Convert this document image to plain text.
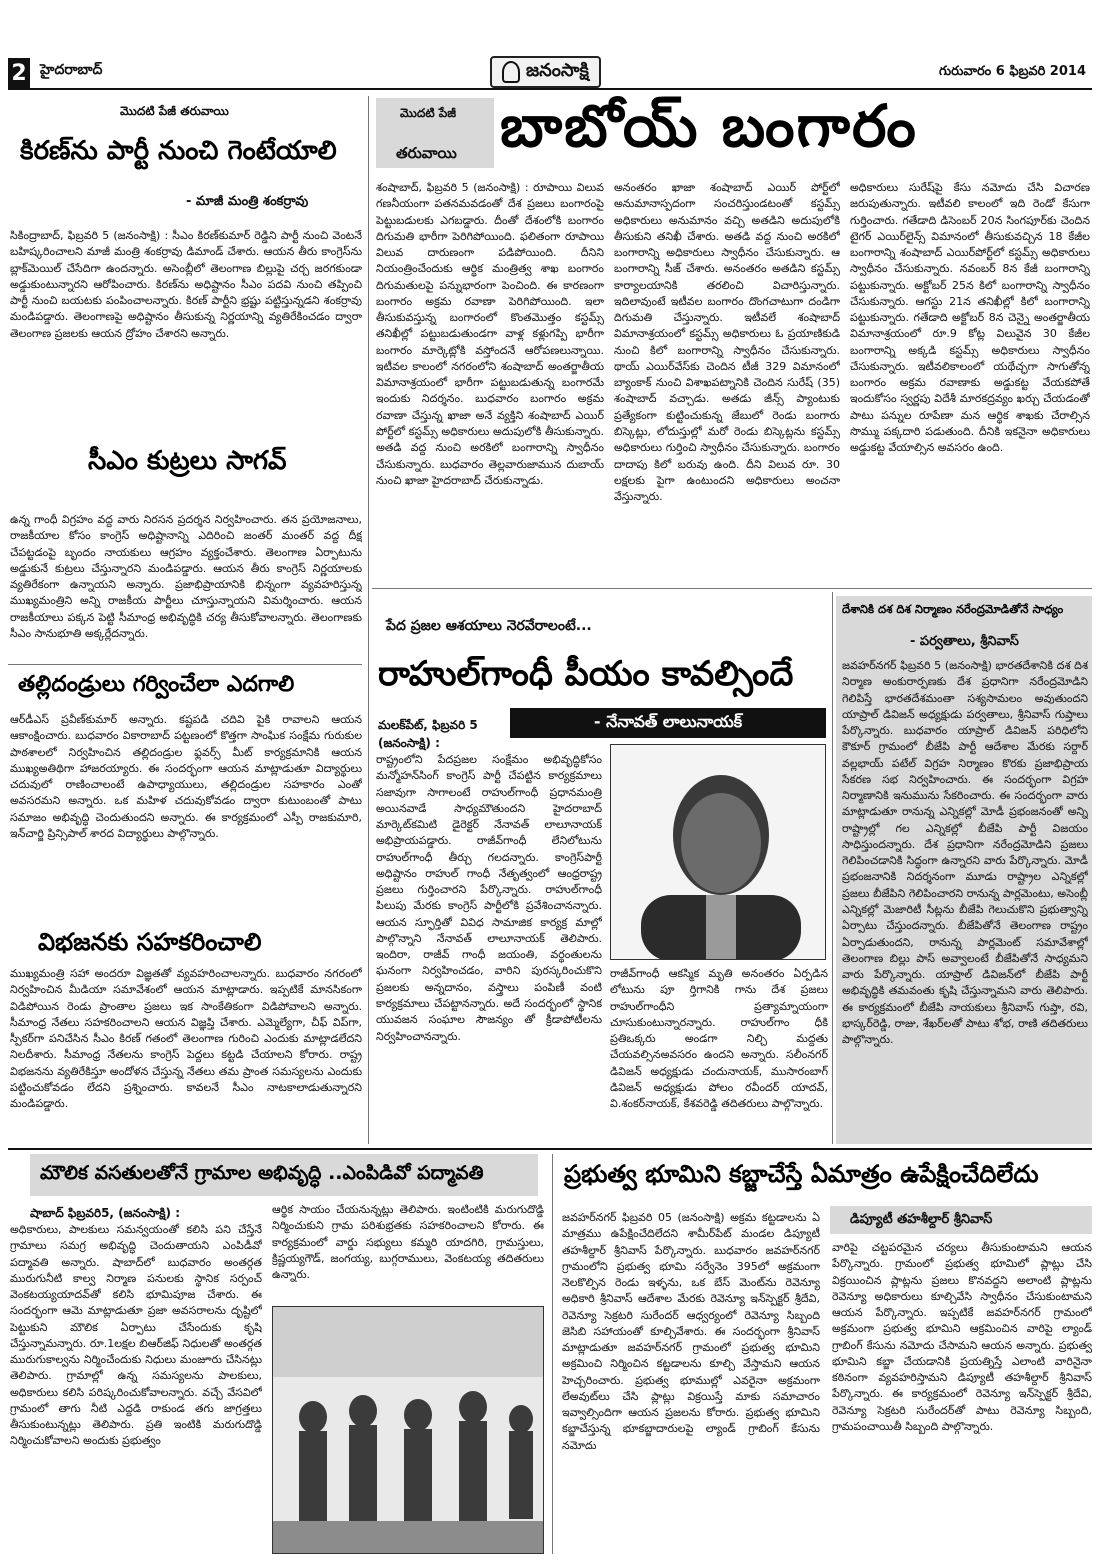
2 హైదరాబాద్	జనంసాక్షి	గురువారం 6 ఫిబ్రవరి 2014
మొదటి పేజీ తరువాయి
కిరణ్‌ను పార్టీ నుంచి గెంటేయాలి
- మాజీ మంత్రి శంకర్రావు
సికింద్రాబాద్‌, ఫిబ్రవరి 5 (జనంసాక్షి) : సీఎం కిరణ్‌కుమార్‌ రెడ్డిని పార్టీ నుంచి వెంటనే బహిష్కరించాలని మాజీ మంత్రి శంకర్రావు డిమాండ్‌ చేశారు. ఆయన తీరు కాంగ్రెస్‌ను బ్లాక్‌మెయిల్‌ చేసేదిగా ఉందన్నారు. అసెంబ్లీలో తెలంగాణ బిల్లుపై చర్చ జరగకుండా అడ్డుకుంటున్నారని ఆరోపించారు. కిరణ్‌ను అధిష్టానం సీఎం పదవి నుంచి తప్పించి పార్టీ నుంచి బయటకు పంపించాలన్నారు. కిరణ్‌ పార్టీని భ్రష్టు పట్టిస్తున్నడని శంకర్రావు మండిపడ్డారు. తెలంగాణపై అధిష్టానం తీసుకున్న నిర్ణయాన్ని వ్యతిరేకించడం ద్వారా తెలంగాణ ప్రజలకు ఆయన ద్రోహం చేశారని అన్నారు.
సీఎం కుట్రలు సాగవ్‌
ఉన్న గాంధీ విగ్రహం వద్ద వారు నిరసన ప్రదర్శన నిర్వహించారు. తన ప్రయోజనాలు, రాజకీయాల కోసం కాంగ్రెస్‌ అధిష్టానాన్ని ఎదిరించి జంతర్‌ మంతర్‌ వద్ద దీక్ష చేపట్టడంపై బృందం నాయకులు ఆగ్రహం వ్యక్తంచేశారు. తెలంగాణ ఏర్పాటును అడ్డుకునే కుట్రలు చేస్తున్నారని మండిపడ్డారు. ఆయన తీరు కాంగ్రెస్‌ నిర్ణయాలకు వ్యతిరేకంగా ఉన్నాయని అన్నారు. ప్రజాభిప్రాయానికి భిన్నంగా వ్యవహరిస్తున్న ముఖ్యమంత్రిని అన్ని రాజకీయ పార్టీలు చూస్తున్నాయని విమర్శించారు. ఆయన రాజకీయాలు పక్కన పెట్టి సీమాంధ్ర అభివృద్ధికి చర్య తీసుకోవాలన్నారు. తెలంగాణకు సీఎం సానుభూతి అక్కర్లేదన్నారు.
తల్లిదండ్రులు గర్వించేలా ఎదగాలి
ఆర్‌డీఎస్‌ ప్రవీణ్‌కుమార్‌ అన్నారు. కష్టపడి చదివి పైకి రావాలని ఆయన ఆకాంక్షించారు. బుధవారం వికారాబాద్‌ పట్టణంలో కొత్తగా సాంఘిక సంక్షేమ గురుకుల పాఠశాలలో నిర్వహించిన తల్లిదండ్రుల ఫ్లవర్స్‌ మీట్‌ కార్యక్రమానికి ఆయన ముఖ్యఅతిథిగా హాజరయ్యారు. ఈ సందర్భంగా ఆయన మాట్లాడుతూ విద్యార్థులు చదువులో రాణించాలంటే ఉపాధ్యాయులు, తల్లిదండ్రుల సహకారం ఎంతో అవసరమని అన్నారు. ఒక మహిళ చదువుకోవడం ద్వారా కుటుంబంతో పాటు సమాజం అభివృద్ధి చెందుతుందని అన్నారు. ఈ కార్యక్రమంలో ఎస్పీ రాజకుమారి, ఇన్‌చార్జి ప్రిన్సిపాల్‌ శారద విద్యార్థులు పాల్గొన్నారు.
విభజనకు సహకరించాలి
ముఖ్యమంత్రి సహా అందరూ విజ్ఞతతో వ్యవహరించాలన్నారు. బుధవారం నగరంలో నిర్వహించిన మీడియా సమావేశంలో ఆయన మాట్లాడారు. ఇప్పటికే మానసికంగా విడిపోయిన రెండు ప్రాంతాల ప్రజలు ఇక సాంకేతికంగా విడిపోవాలని అన్నారు. సీమాంధ్ర నేతలు సహకరించాలని ఆయన విజ్ఞప్తి చేశారు. ఎమ్మెల్యేగా, చీఫ్‌ విప్‌గా, స్పీకర్‌గా పనిచేసిన సీఎం కిరణ్‌ గతంలో తెలంగాణ గురించి ఎందుకు మాట్లాడలేదని నిలదీశారు. సీమాంధ్ర నేతలను కాంగ్రెస్‌ పెద్దలు కట్టడి చేయాలని కోరారు. రాష్ట్ర విభజనను వ్యతిరేకిస్తూ అందోళన చేస్తున్న నేతలు తమ ప్రాంత సమస్యలను ఎందుకు పట్టించుకోవడం లేదని ప్రశ్నించారు. కావలనే సీఎం నాటకాలాడుతున్నారని మండిపడ్డారు.
మొదటి పేజీ
తరువాయి బాబోయ్‌ బంగారం
శంషాబాద్‌, ఫిబ్రవరి 5 (జనంసాక్షి) : రూపాయి విలువ గణనీయంగా పతనమవడంతో దేశ ప్రజలు బంగారంపై పెట్టుబడులకు ఎగబడ్డారు. దీంతో దేశంలోకి బంగారం దిగుమతి భారీగా పెరిగిపోయింది. ఫలితంగా రూపాయి విలువ దారుణంగా పడిపోయింది. దీనిని నియంత్రించేందుకు ఆర్థిక మంత్రిత్వ శాఖ బంగారం దిగుమతులపై పన్నుభారంగా పెంచింది. ఈ కారణంగా బంగారం అక్రమ రవాణా పెరిగిపోయింది. ఇలా తీసుకువస్తున్న బంగారంలో కొంతమొత్తం కస్టమ్స్‌ తనిఖీల్లో పట్టుబడుతుండగా వాళ్ల కళ్లుగప్పి భారీగా బంగారం మార్కెట్లోకి వస్తోందనే ఆరోపణలున్నాయి. ఇటీవల కాలంలో నగరంలోని శంషాబాద్‌ అంతర్జాతీయ విమానాశ్రయంలో భారీగా పట్టుబడుతున్న బంగారమే ఇందుకు నిదర్శనం. బుధవారం బంగారం అక్రమ రవాణా చేస్తున్న ఖాజా అనే వ్యక్తిని శంషాబాద్‌ ఎయిర్‌ పోర్ట్‌లో కస్టమ్స్‌ అధికారులు అదుపులోకి తీసుకున్నారు. అతడి వద్ద నుంచి అరకిలో బంగారాన్ని స్వాధీనం చేసుకున్నారు. బుధవారం తెల్లవారుజామున దుబాయ్‌ నుంచి ఖాజా హైదరాబాద్‌ చేరుకున్నాడు.
అనంతరం ఖాజా శంషాబాద్‌ ఎయిర్‌ పోర్ట్‌లో అనుమానాస్పదంగా సంచరిస్తుండటంతో కస్టమ్స్‌ అధికారులు అనుమానం వచ్చి అతడిని అదుపులోకి తీసుకుని తనిఖీ చేశారు. అతడి వద్ద నుంచి అరకిలో బంగారాన్ని అధికారులు స్వాధీనం చేసుకున్నారు. ఆ బంగారాన్ని సీజ్‌ చేశారు. అనంతరం అతడిని కస్టమ్స్‌ కార్యాలయానికి తరలించి విచారిస్తున్నారు. ఇదిలావుంటే ఇటీవల బంగారం దొంగచాటుగా దండిగా దిగుమతి చేస్తున్నారు. ఇటీవలే శంషాబాద్‌ విమానాశ్రయంలో కస్టమ్స్‌ అధికారులు ఓ ప్రయాణికుడి నుంచి కిలో బంగారాన్ని స్వాధీనం చేసుకున్నారు. థాయ్‌ ఎయిర్‌వేస్‌కు చెందిన టీజీ 329 విమానంలో బ్యాంకాక్‌ నుంచి విశాఖపట్నానికి చెందిన సురేష్‌ (35) శంషాబాద్‌ వచ్చాడు. అతడు జీన్స్‌ ప్యాంటుకు ప్రత్యేకంగా కుట్టించుకున్న జేబులో రెండు బంగారు బిస్కెట్లు, లోదుస్తుల్లో మరో రెండు బిస్కెట్లను కస్టమ్స్‌ అధికారులు గుర్తించి స్వాధీనం చేసుకున్నారు. బంగారం దాదాపు కిలో బరువు ఉంది. దీని విలువ రూ. 30 లక్షలకు పైగా ఉంటుందని అధికారులు అంచనా వేస్తున్నారు.
అధికారులు సురేష్‌పై కేసు నమోదు చేసి విచారణ జరుపుతున్నారు. ఇటీవలి కాలంలో ఇది రెండో కేసుగా గుర్తించారు. గతేడాది డిసెంబర్‌ 20న సింగపూర్‌కు చెందిన టైగర్‌ ఎయిర్‌లైన్స్‌ విమానంలో తీసుకువచ్చిన 18 కేజీల బంగారాన్ని శంషాబాద్‌ ఎయిర్‌పోర్ట్‌లో కస్టమ్స్‌ అధికారులు స్వాధీనం చేసుకున్నారు. నవంబర్‌ 8న కేజీ బంగారాన్ని పట్టుకున్నారు. అక్టోబర్‌ 25న కిలో బంగారాన్ని స్వాధీనం చేసుకున్నారు. ఆగస్టు 21న తనిఖీల్లో కిలో బంగారాన్ని పట్టుకున్నారు. గతేడాది అక్టోబర్‌ 8న చెన్నై అంతర్జాతీయ విమానాశ్రయంలో రూ.9 కోట్ల విలువైన 30 కేజీల బంగారాన్ని అక్కడి కస్టమ్స్‌ అధికారులు స్వాధీనం చేసుకున్నారు. ఇటీవలికాలంలో యథేచ్ఛగా సాగుతోన్న బంగారం అక్రమ రవాణాకు అడ్డుకట్ట వేయకపోతే ఇందుకోసం స్వర్ణపు విదేశీ మారకద్రవ్యం ఖర్చు చేయడంతో పాటు పన్నుల రూపేణా మన ఆర్థిక శాఖకు చేరాల్సిన సొమ్ము పక్కదారి పడుతుంది. దీనికి ఇకనైనా అధికారులు అడ్డుకట్ట వేయాల్సిన అవసరం ఉంది.
పేద ప్రజల ఆశయాలు నెరవేరాలంటే...
రాహుల్‌గాంధీ పీయం కావల్సిందే
మలక్‌పేట్‌, ఫిబ్రవరి 5 (జనంసాక్షి) :
- నేనావత్‌ లాలునాయక్‌
రాష్ట్రంలోని పేదప్రజల సంక్షేమం అభివృద్ధికోసం మన్మోహన్‌సింగ్‌ కాంగ్రెస్‌ పార్టీ చేపట్టిన కార్యక్రమాలు సజావుగా సాగాలంటే రాహుల్‌గాంధీ ప్రధానమంత్రి అయినవాడే సాధ్యమౌతుందని హైదరాబాద్‌ మార్కెట్‌కమిటి డైరెక్టర్‌ నేనావత్‌ లాలూనాయక్‌ అభిప్రాయపడ్డారు. రాజీవ్‌గాంధీ లేనిలోటును రాహుల్‌గాంధీ తీర్చు గలదన్నారు. కాంగ్రెస్‌పార్టీ అధిష్టానం రాహుల్‌ గాంధీ నేతృత్వంలో ఆంధ్రరాష్ట్ర ప్రజలు గుర్తించారని పేర్కొన్నారు. రాహుల్‌గాంధీ పిలుపు మేరకు కాంగ్రెస్‌ పార్టీలోకి ప్రవేశించానన్నారు. ఆయన స్ఫూర్తితో వివిధ సామాజిక కార్యక్ర మాల్లో పాల్గొన్నాని నేనావత్‌ లాలూనాయక్‌ తెలిపారు. ఇందిరా, రాజీవ్‌ గాంధీ జయంతి, వర్థంతులను ఘనంగా నిర్వహించడం, వారిని పురస్కరించుకొని ప్రజలకు అన్నదానం, వస్త్రాలు పంపిణీ వంటి కార్యక్రమాలు చేపట్టానన్నారు. అదే సందర్భంలో స్థానిక యువజన సంఘాల సౌజన్యం తో క్రీడాపోటీలను నిర్వహించానన్నారు.
రాజీవ్‌గాంధీ ఆకస్మిక మృతి అనంతరం ఏర్పడిన లోటును పూ ర్తిగానికి గాను దేశ ప్రజలు రాహుల్‌గాంధీని ప్రత్యామ్నాయంగా చూసుకుంటున్నారన్నారు. రాహుల్‌గాం ధీకి ప్రతిఒక్కరు అండగా నిల్చి మద్దతు చేయవల్సినఅవసరం ఉందని అన్నారు. సలీంనగర్‌ డివిజన్‌ అధ్యక్షుడు చందునాయక్‌, ముసారంబాగ్‌ డివిజన్‌ అధ్యక్షుడు పోలం రవీందర్‌ యాదవ్‌, వి.శంకర్‌నాయక్‌, కేశవరెడ్డి తదితరులు పాల్గొన్నారు.
దేశానికి దశ దిశ నిర్మాణం నరేంద్రమోడితోనే సాధ్యం
- పర్వతాలు, శ్రీనివాస్‌
జవహర్‌నగర్‌ ఫిబ్రవరి 5 (జనంసాక్షి) భారతదేశానికి దశ దిశ నిర్మాణ అంకురార్పణకు దేశ ప్రధానిగా నరేంద్రమోడిని గెలిపిస్తే భారతదేశమంతా సశ్యసామలం అవుతుందని యాప్రాల్‌ డివిజన్‌ అధ్యక్షుడు పర్వతాలు, శ్రీనివాస్‌ గుప్తాలు పేర్కొన్నారు. బుధవారం యాప్రాల్‌ డివిజన్‌ పరిధిలోని కౌకూర్‌ గ్రామంలో బీజేపి పార్టీ ఆదేశాల మేరకు సర్దార్‌ వల్లభాయ్‌ పటేల్‌ విగ్రహ నిర్మాణం కొరకు ప్రజాభిప్రాయ సేకరణ సభ నిర్వహించారు. ఈ సందర్భంగా విగ్రహ నిర్మాణానికి ఇనుమును సేకరించారు. ఈ సందర్భంగా వారు మాట్లాడుతూ రానున్న ఎన్నికల్లో మోడీ ప్రభంజనంతో అన్ని రాష్ట్రాల్లో గల ఎన్నికల్లో బీజేపి పార్టీ విజయం సాధిస్తుందన్నారు. దేశ ప్రధానిగా నరేంద్రమోడిని ప్రజలు గెలిపించడానికి సిద్ధంగా ఉన్నారని వారు పేర్కొన్నారు. మోడీ ప్రభంజనానికి నిదర్శనంగా మూడు రాష్ట్రాల ఎన్నికల్లో ప్రజలు బీజేపిని గెలిపించారని రానున్న పార్లమెంటు, అసెంబ్లీ ఎన్నికల్లో మెజారిటీ సీట్లను బీజేపి గెలుచుకొని ప్రభుత్వాన్ని ఏర్పాటు చేస్తుందన్నారు. బీజేపితోనే తెలంగాణ రాష్ట్రం ఏర్పాడుతుందని, రానున్న పార్లమెంట్‌ సమావేశాల్లో తెలంగాణ బిల్లు పాస్‌ అవ్వాలంటే బీజేపితోనే సాధ్యమని వారు పేర్కొన్నారు. యాప్రాల్‌ డివిజన్‌లో బీజేపి పార్టీ అభివృద్ధికి తమవంతు కృషి చేస్తున్నామని వారు తెలిపారు. ఈ కార్యక్రమంలో బీజేపి నాయకులు శ్రీనివాస్‌ గుప్తా, రవి, భాస్కర్‌రెడ్డి, రాజు, శేఖర్‌లతో పాటు శోభ, రాణి తదితరులు పాల్గొన్నారు.
మౌలిక వసతులతోనే గ్రామాల అభివృద్ధి ..ఎంపిడివో పద్మావతి
షాబాద్‌ ఫిబ్రవరి5, (జనంసాక్షి) :
అధికారులు, పాలకులు సమన్వయంతో కలిసి పని చేస్తేనే గ్రామాలు సమగ్ర అభివృద్ధి చెందుతాయని ఎంపిడీవో పద్మావతి అన్నారు. షాబాద్‌లో బుధవారం అంతర్గత మురుగునీటి కాల్వ నిర్మాణ పనులకు స్థానిక సర్పంచ్‌ వెంకటయ్యయాదవ్‌తో కలిసి భూమిపూజ చేశారు. ఈ సందర్భంగా ఆమె మాట్లాడుతూ ప్రజా అవసరాలను దృష్టిలో పెట్టుకుని మౌలిక ఏర్పాటు చేసేందుకు కృషి చేస్తున్నామన్నారు. రూ.1లక్షల బిఆర్‌జిఫ్‌ నిధులతో అంతర్గత మురుగుకాల్వను నిర్మించేందుకు నిధులు మంజూరు చేసినట్లు తెలిపారు. గ్రామాల్లో ఉన్న సమస్యలను పాలకులు, అధికారులు కలిసి పరిష్కరించుకోవాలన్నారు. వచ్చే వేసవిలో గ్రామంలో తాగు నీటి ఎద్దడి రాకుండ తగు జాగ్రత్తలు తీసుకుంటున్నట్లు తెలిపారు. ప్రతి ఇంటికి మరుగుదొడ్డి నిర్మించుకోవాలని అందుకు ప్రభుత్వం
ఆర్థిక సాయం చేయనున్నట్లు తెలిపారు. ఇంటింటికి మరుగుదొడ్డి నిర్మించుకుని గ్రామ పరిశుభ్రతకు సహకరించాలని కోరారు. ఈ కార్యక్రమంలో వార్డు సభ్యులు కమ్మరి యాదగిరి, గ్రామస్తులు, క్రిష్ణయ్యగౌడ్‌, జంగయ్య, బుగ్గరాములు, వెంకటయ్య తదితరులు ఉన్నారు.
ప్రభుత్వ భూమిని కబ్జాచేస్తే ఏమాత్రం ఉపేక్షించేదిలేదు
డిప్యూటీ తహశీల్దార్‌ శ్రీనివాస్‌
జవహర్‌నగర్‌ ఫిబ్రవరి 05 (జనంసాక్షి) అక్రమ కట్టడాలను ఏ మాత్రము ఉపేక్షించేదిలేదని శామీర్‌పేట్‌ మండల డిప్యూటీ తహశీల్దార్‌ శ్రీనివాస్‌ పేర్కొన్నారు. బుధవారం జవహర్‌నగర్‌ గ్రామంలోని ప్రభుత్వ భూమి సర్వేనెం 395లో అక్రమంగా నెలకొల్పిన రెండు ఇళ్ళను, ఒక బేస్‌ మెంట్‌ను రెవెన్యూ అధికారి శ్రీనివాస్‌ ఆదేశాల మేరకు రెవెన్యూ ఇన్‌స్పెక్టర్‌ శ్రీదేవి, రెవెన్యూ సెక్రటరి సురేందర్‌ ఆధ్వర్యంలో రెవెన్యూ సిబ్బంది జెసిబి సహాయంతో కూల్చివేశారు. ఈ సందర్భంగా శ్రీనివాస్‌ మాట్లాడుతూ జవహర్‌నగర్‌ గ్రామంలో ప్రభుత్వ భూమిని అక్రమించి నిర్మించిన కట్టడాలను కూల్చి వేస్తామని ఆయన హెచ్చరించారు. ప్రభుత్వ భూముల్లో ఎవరైనా అక్రమంగా లేఅవుట్‌లు చేసి ప్లాట్లు విక్రయిస్తే మాకు సమాచారం ఇవ్వాల్సిందిగా ఆయన ప్రజలను కోరారు. ప్రభుత్వ భూమిని కబ్జాచేస్తున్న భూకబ్జాదారులపై ల్యాండ్‌ గ్రాబింగ్‌ కేసును నమోదు
వారిపై చట్టపరమైన చర్యలు తీసుకుంటామని ఆయన పేర్కొన్నారు. గ్రామంలో ప్రభుత్వ భూమిలో ప్లాట్లు చేసి విక్రయించిన ప్లాట్లను ప్రజలు కొనవద్దని అలాంటి ప్లాట్లను రెవెన్యూ అధికారులు కూల్చివేసి స్వాధీనం చేసుకుంటామని ఆయన పేర్కొన్నారు. ఇప్పటికే జవహర్‌నగర్‌ గ్రామంలో అక్రమంగా ప్రభుత్వ భూమిని ఆక్రమించిన వారిపై ల్యాండ్‌ గ్రాబింగ్‌ కేసును నమోదు చేసామని ఆయన అన్నారు. ప్రభుత్వ భూమిని కబ్జా చేయడానికి ప్రయత్నిస్తే ఎలాంటి వారినైనా కఠినంగా వ్యవహరిస్తామని డిప్యూటీ తహశీల్దార్‌ శ్రీనివాస్‌ పేర్కొన్నారు. ఈ కార్యక్రమంలో రెవెన్యూ ఇన్‌స్పెక్టర్‌ శ్రీదేవి, రెవెన్యూ సెక్రటరి సురేందర్‌తో పాటు రెవెన్యూ సిబ్బంది, గ్రామపంచాయితీ సిబ్బంది పాల్గొన్నారు.
